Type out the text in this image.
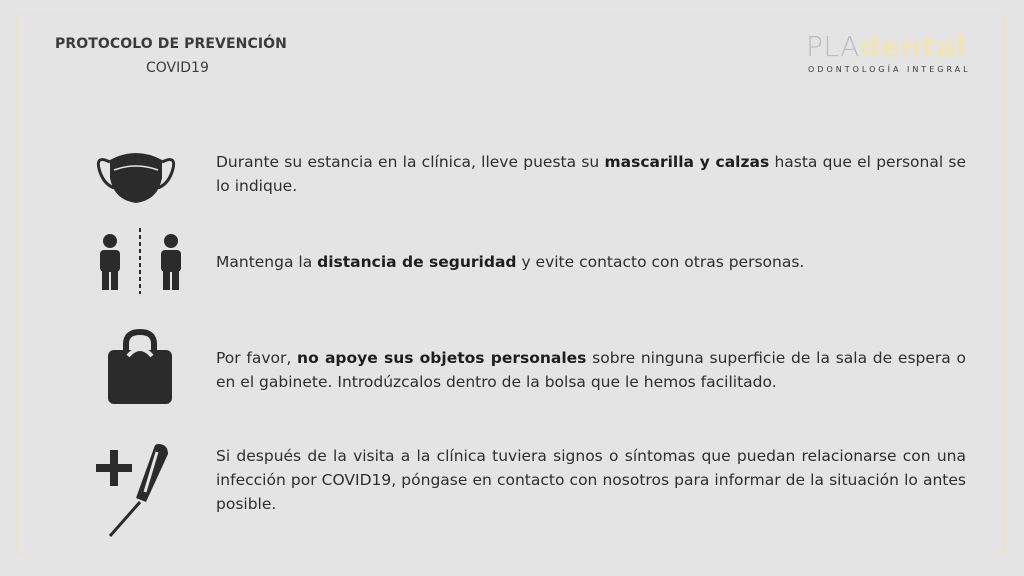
PROTOCOLO DE PREVENCIÓN
COVID19
PLAdental
ODONTOLOGÍA INTEGRAL
Durante su estancia en la clínica, lleve puesta su mascarilla y calzas hasta que el personal se lo indique.
Mantenga la distancia de seguridad y evite contacto con otras personas.
Por favor, no apoye sus objetos personales sobre ninguna superficie de la sala de espera o en el gabinete. Introdúzcalos dentro de la bolsa que le hemos facilitado.
Si después de la visita a la clínica tuviera signos o síntomas que puedan relacionarse con una infección por COVID19, póngase en contacto con nosotros para informar de la situación lo antes posible.
